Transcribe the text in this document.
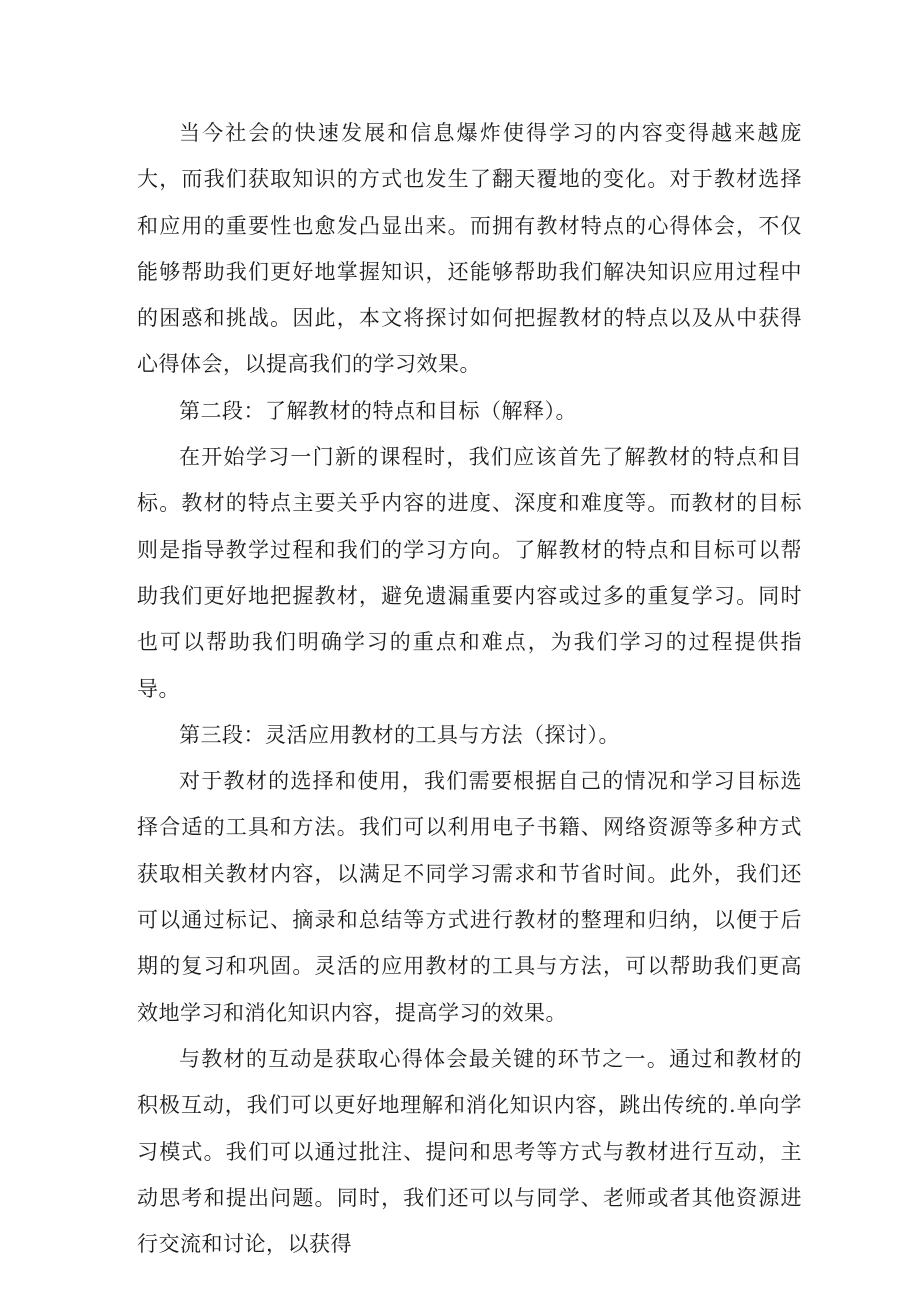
当今社会的快速发展和信息爆炸使得学习的内容变得越来越庞大，而我们获取知识的方式也发生了翻天覆地的变化。对于教材选择和应用的重要性也愈发凸显出来。而拥有教材特点的心得体会，不仅能够帮助我们更好地掌握知识，还能够帮助我们解决知识应用过程中的困惑和挑战。因此，本文将探讨如何把握教材的特点以及从中获得心得体会，以提高我们的学习效果。

第二段：了解教材的特点和目标（解释）。

在开始学习一门新的课程时，我们应该首先了解教材的特点和目标。教材的特点主要关乎内容的进度、深度和难度等。而教材的目标则是指导教学过程和我们的学习方向。了解教材的特点和目标可以帮助我们更好地把握教材，避免遗漏重要内容或过多的重复学习。同时也可以帮助我们明确学习的重点和难点，为我们学习的过程提供指导。

第三段：灵活应用教材的工具与方法（探讨）。

对于教材的选择和使用，我们需要根据自己的情况和学习目标选择合适的工具和方法。我们可以利用电子书籍、网络资源等多种方式获取相关教材内容，以满足不同学习需求和节省时间。此外，我们还可以通过标记、摘录和总结等方式进行教材的整理和归纳，以便于后期的复习和巩固。灵活的应用教材的工具与方法，可以帮助我们更高效地学习和消化知识内容，提高学习的效果。

与教材的互动是获取心得体会最关键的环节之一。通过和教材的积极互动，我们可以更好地理解和消化知识内容，跳出传统的.单向学习模式。我们可以通过批注、提问和思考等方式与教材进行互动，主动思考和提出问题。同时，我们还可以与同学、老师或者其他资源进行交流和讨论，以获得
